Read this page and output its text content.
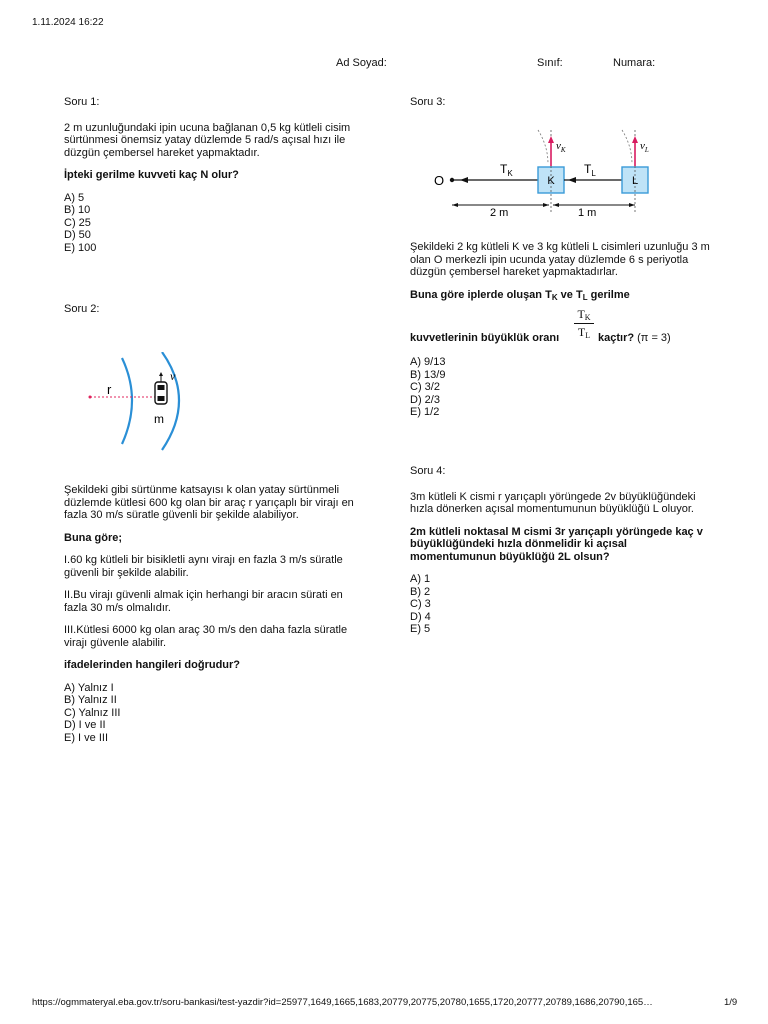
1.11.2024 16:22
Ad Soyad:	Sınıf:	Numara:

Soru 1:

2 m uzunluğundaki ipin ucuna bağlanan 0,5 kg kütleli cisim sürtünmesi önemsiz yatay düzlemde 5 rad/s açısal hızı ile düzgün çembersel hareket yapmaktadır.

İpteki gerilme kuvveti kaç N olur?

A) 5
B) 10
C) 25
D) 50
E) 100

Soru 2:

r
m
v

Şekildeki gibi sürtünme katsayısı k olan yatay sürtünmeli düzlemde kütlesi 600 kg olan bir araç r yarıçaplı bir virajı en fazla 30 m/s süratle güvenli bir şekilde alabiliyor.

Buna göre;

I.60 kg kütleli bir bisikletli aynı virajı en fazla 3 m/s süratle güvenli bir şekilde alabilir.

II.Bu virajı güvenli almak için herhangi bir aracın sürati en fazla 30 m/s olmalıdır.

III.Kütlesi 6000 kg olan araç 30 m/s den daha fazla süratle virajı güvenle alabilir.

ifadelerinden hangileri doğrudur?

A) Yalnız I
B) Yalnız II
C) Yalnız III
D) I ve II
E) I ve III

Soru 3:

O
$T_K$
K
$T_L$
L
$v_K$	$v_L$
2 m	1 m

Şekildeki 2 kg kütleli K ve 3 kg kütleli L cisimleri uzunluğu 3 m olan O merkezli ipin ucunda yatay düzlemde 6 s periyotla düzgün çembersel hareket yapmaktadırlar.

Buna göre iplerde oluşan $T_K$ ve $T_L$ gerilme

$T_K$
$T_L$
kuvvetlerinin büyüklük oranı	kaçtır? (π = 3)
A) 9/13
B) 13/9
C) 3/2
D) 2/3
E) 1/2

Soru 4:

3m kütleli K cismi r yarıçaplı yörüngede 2v büyüklüğündeki hızla dönerken açısal momentumunun büyüklüğü L oluyor.

2m kütleli noktasal M cismi 3r yarıçaplı yörüngede kaç v büyüklüğündeki hızla dönmelidir ki açısal momentumunun büyüklüğü 2L olsun?

A) 1
B) 2
C) 3
D) 4
E) 5
https://ogmmateryal.eba.gov.tr/soru-bankasi/test-yazdir?id=25977,1649,1665,1683,20779,20775,20780,1655,1720,20777,20789,1686,20790,165…	1/9
